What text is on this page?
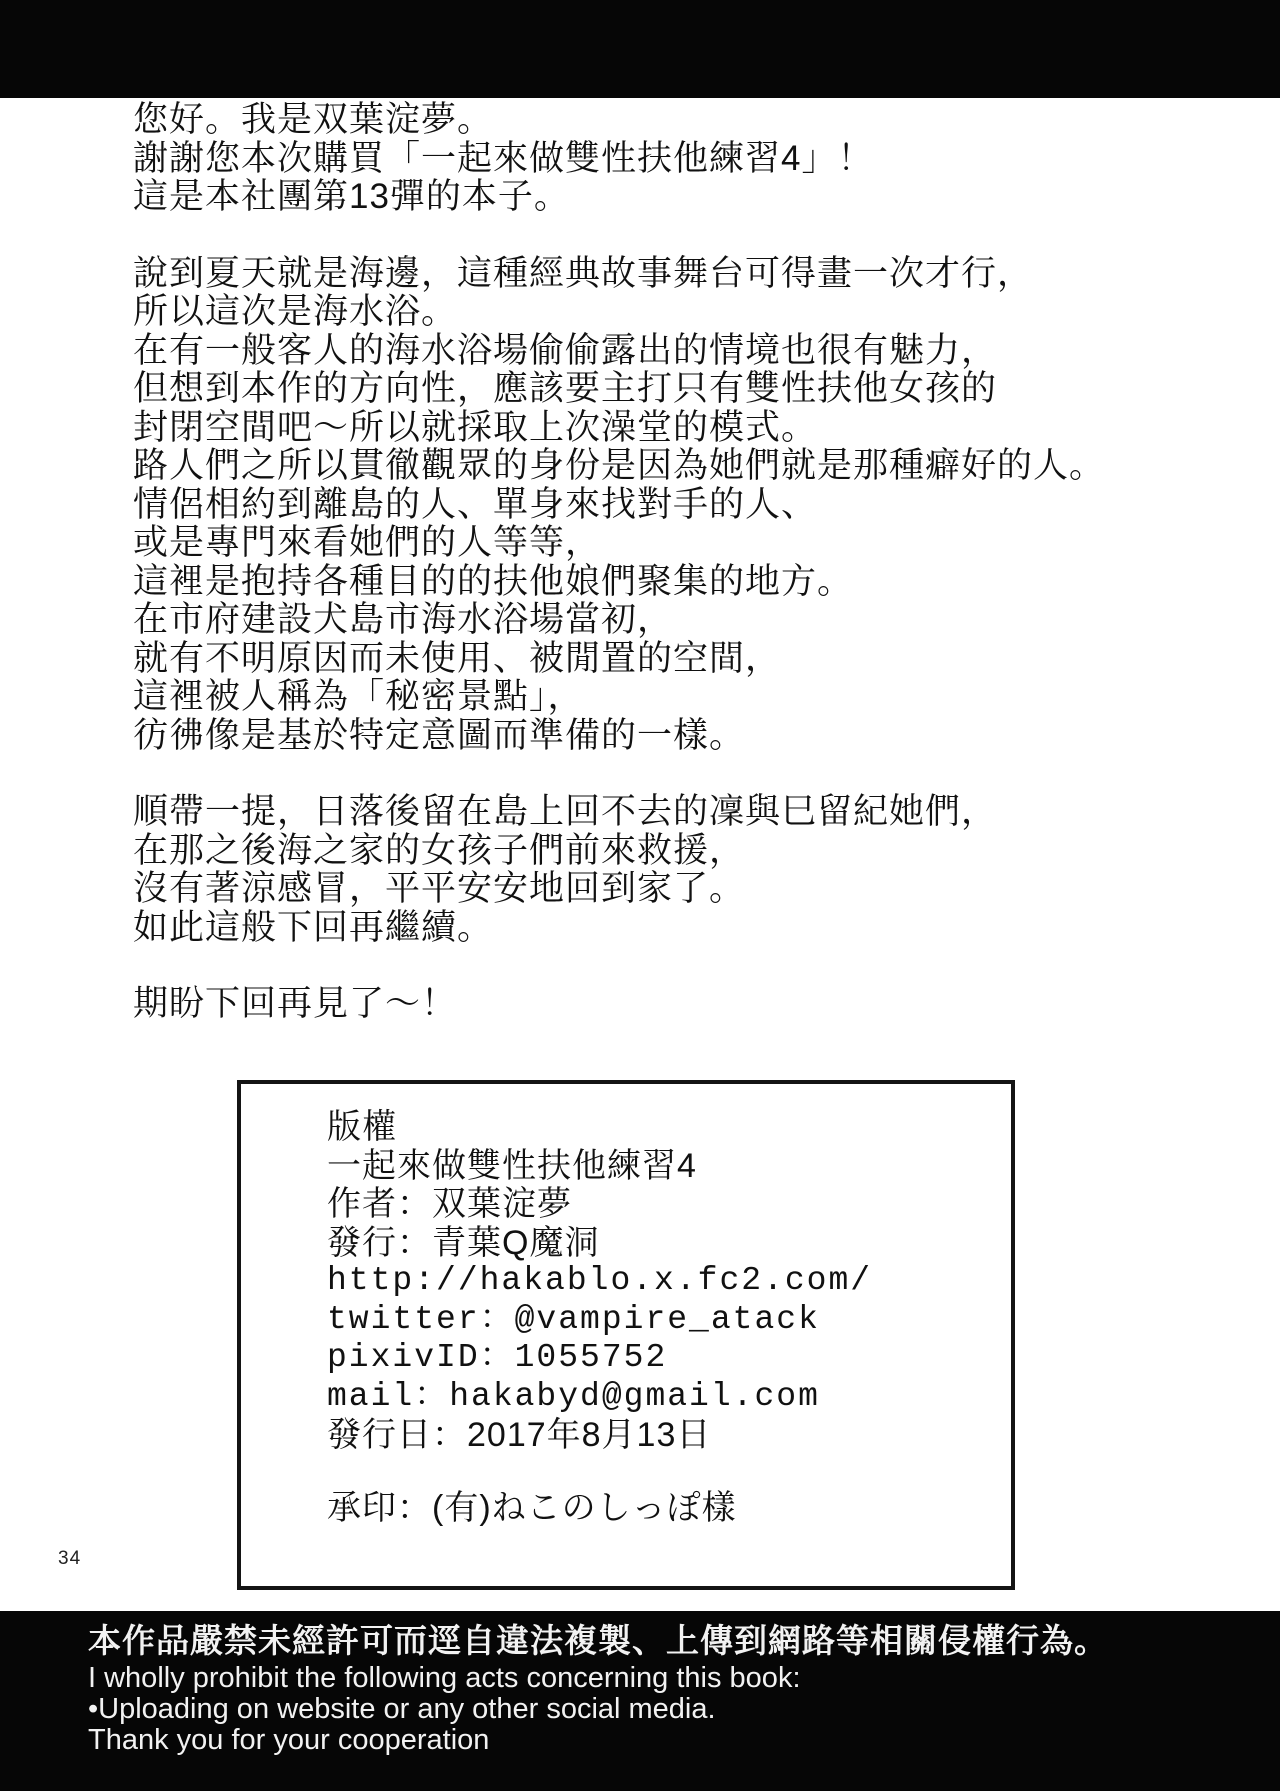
您好。我是双葉淀夢。
謝謝您本次購買「一起來做雙性扶他練習4」！
這是本社團第13彈的本子。
說到夏天就是海邊，這種經典故事舞台可得畫一次才行，
所以這次是海水浴。
在有一般客人的海水浴場偷偷露出的情境也很有魅力，
但想到本作的方向性，應該要主打只有雙性扶他女孩的
封閉空間吧～所以就採取上次澡堂的模式。
路人們之所以貫徹觀眾的身份是因為她們就是那種癖好的人。
情侶相約到離島的人、單身來找對手的人、
或是專門來看她們的人等等，
這裡是抱持各種目的的扶他娘們聚集的地方。
在市府建設犬島市海水浴場當初，
就有不明原因而未使用、被閒置的空間，
這裡被人稱為「秘密景點」，
彷彿像是基於特定意圖而準備的一樣。
順帶一提，日落後留在島上回不去的凜與巳留紀她們，
在那之後海之家的女孩子們前來救援，
沒有著涼感冒，平平安安地回到家了。
如此這般下回再繼續。
期盼下回再見了～！
版權
一起來做雙性扶他練習4
作者：双葉淀夢
發行：青葉Q魔洞
http://hakablo.x.fc2.com/
twitter：@vampire_atack
pixivID：1055752
mail：hakabyd@gmail.com
發行日：2017年8月13日
承印：(有)ねこのしっぽ樣
34
本作品嚴禁未經許可而逕自違法複製、上傳到網路等相關侵權行為。
I wholly prohibit the following acts concerning this book:
•Uploading on website or any other social media.
Thank you for your cooperation
